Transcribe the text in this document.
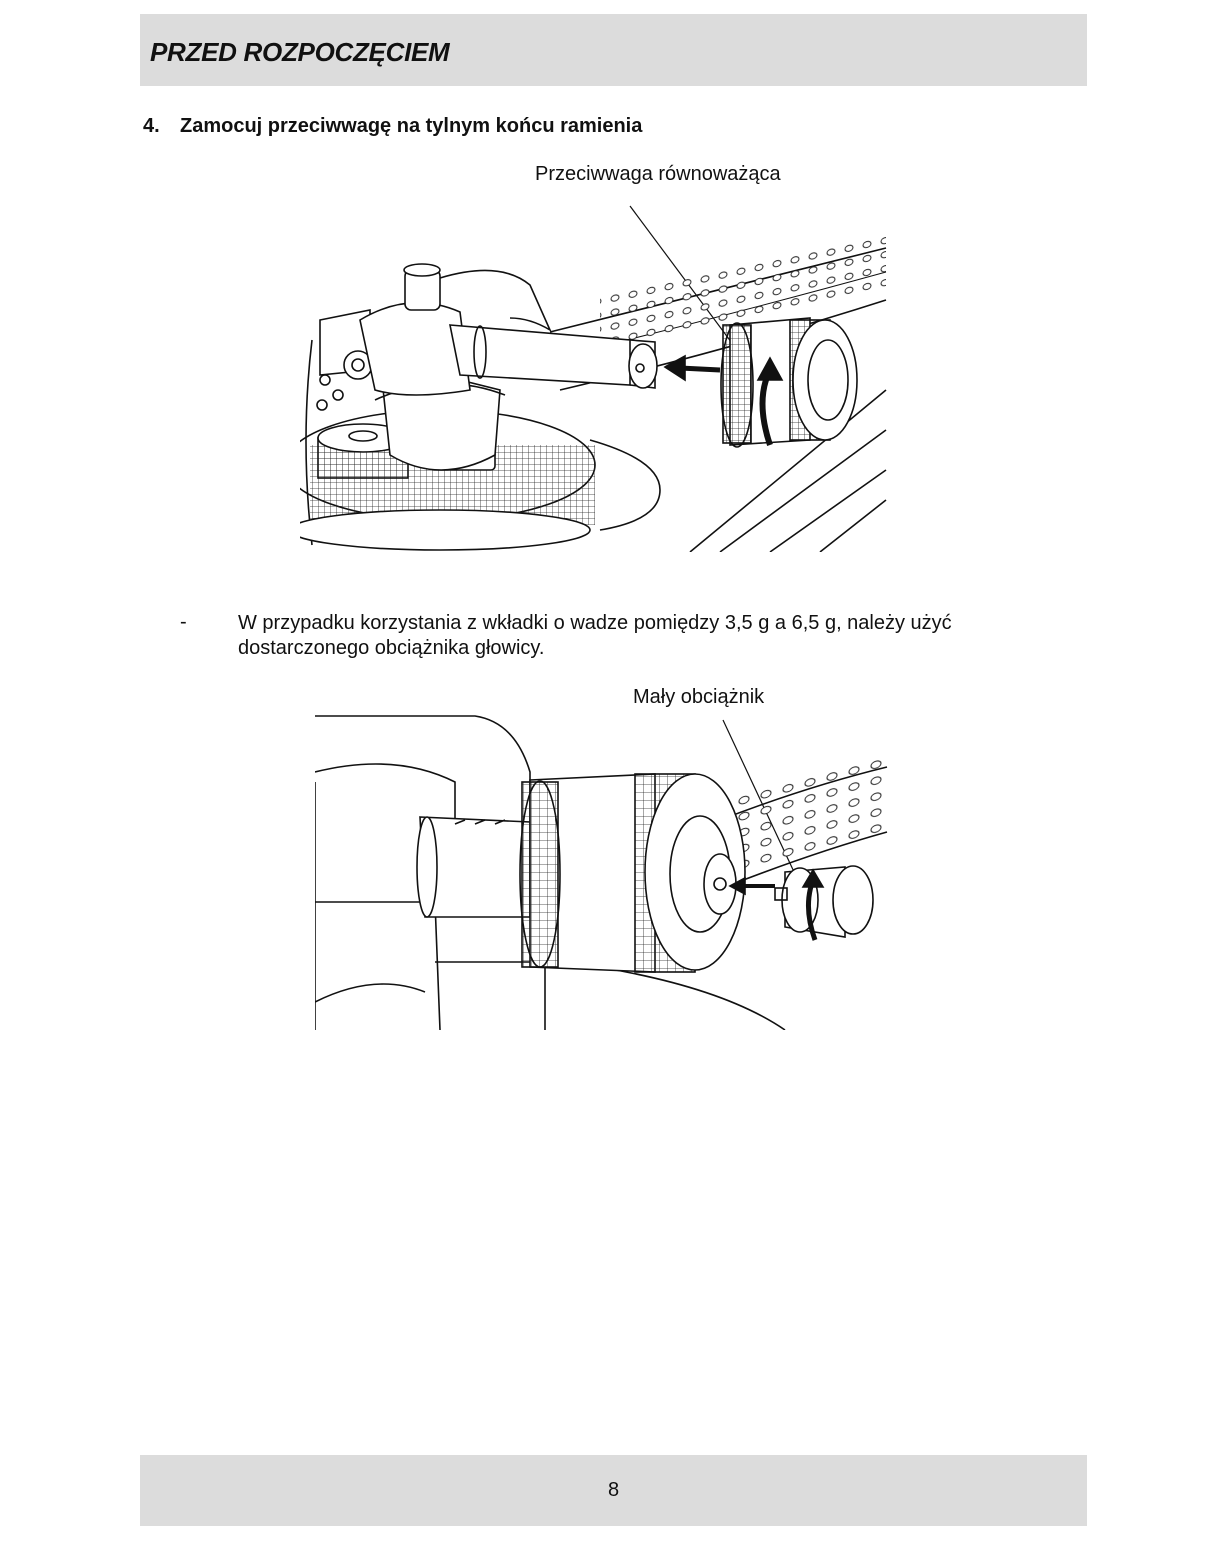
PRZED ROZPOCZĘCIEM
4. Zamocuj przeciwwagę na tylnym końcu ramienia
Przeciwwaga równoważąca
-	W przypadku korzystania z wkładki o wadze pomiędzy 3,5 g a 6,5 g, należy użyć
dostarczonego obciążnika głowicy.
Mały obciążnik
8
